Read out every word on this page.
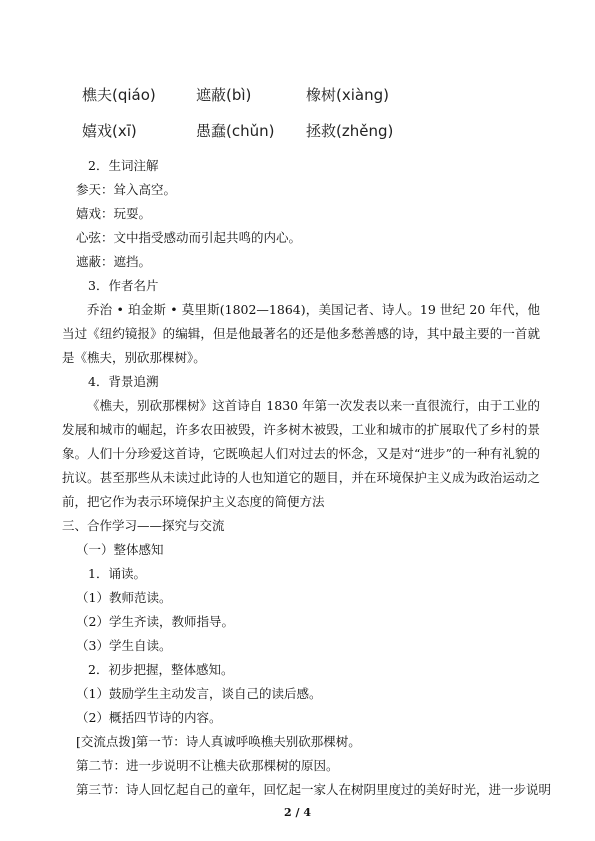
樵夫(qiáo)	遮蔽(bì)	橡树(xiàng)
嬉戏(xī)	愚蠢(chǔn) 拯救(zhěng)
2．生词注解
参天：耸入高空。
嬉戏：玩耍。
心弦：文中指受感动而引起共鸣的内心。
遮蔽：遮挡。
3．作者名片
乔治 • 珀金斯 • 莫里斯(1802—1864)，美国记者、诗人。19 世纪 20 年代，他当过《纽约镜报》的编辑，但是他最著名的还是他多愁善感的诗，其中最主要的一首就是《樵夫，别砍那棵树》。
4．背景追溯
《樵夫，别砍那棵树》这首诗自 1830 年第一次发表以来一直很流行，由于工业的发展和城市的崛起，许多农田被毁，许多树木被毁，工业和城市的扩展取代了乡村的景象。人们十分珍爱这首诗，它既唤起人们对过去的怀念，又是对“进步”的一种有礼貌的抗议。甚至那些从未读过此诗的人也知道它的题目，并在环境保护主义成为政治运动之前，把它作为表示环境保护主义态度的简便方法
三、合作学习——探究与交流
（一）整体感知
1．诵读。
（1）教师范读。
（2）学生齐读，教师指导。
（3）学生自读。
2．初步把握，整体感知。
（1）鼓励学生主动发言，谈自己的读后感。
（2）概括四节诗的内容。
[交流点拨]第一节：诗人真诚呼唤樵夫别砍那棵树。
第二节：进一步说明不让樵夫砍那棵树的原因。
第三节：诗人回忆起自己的童年，回忆起一家人在树阴里度过的美好时光，进一步说明
2 / 4
